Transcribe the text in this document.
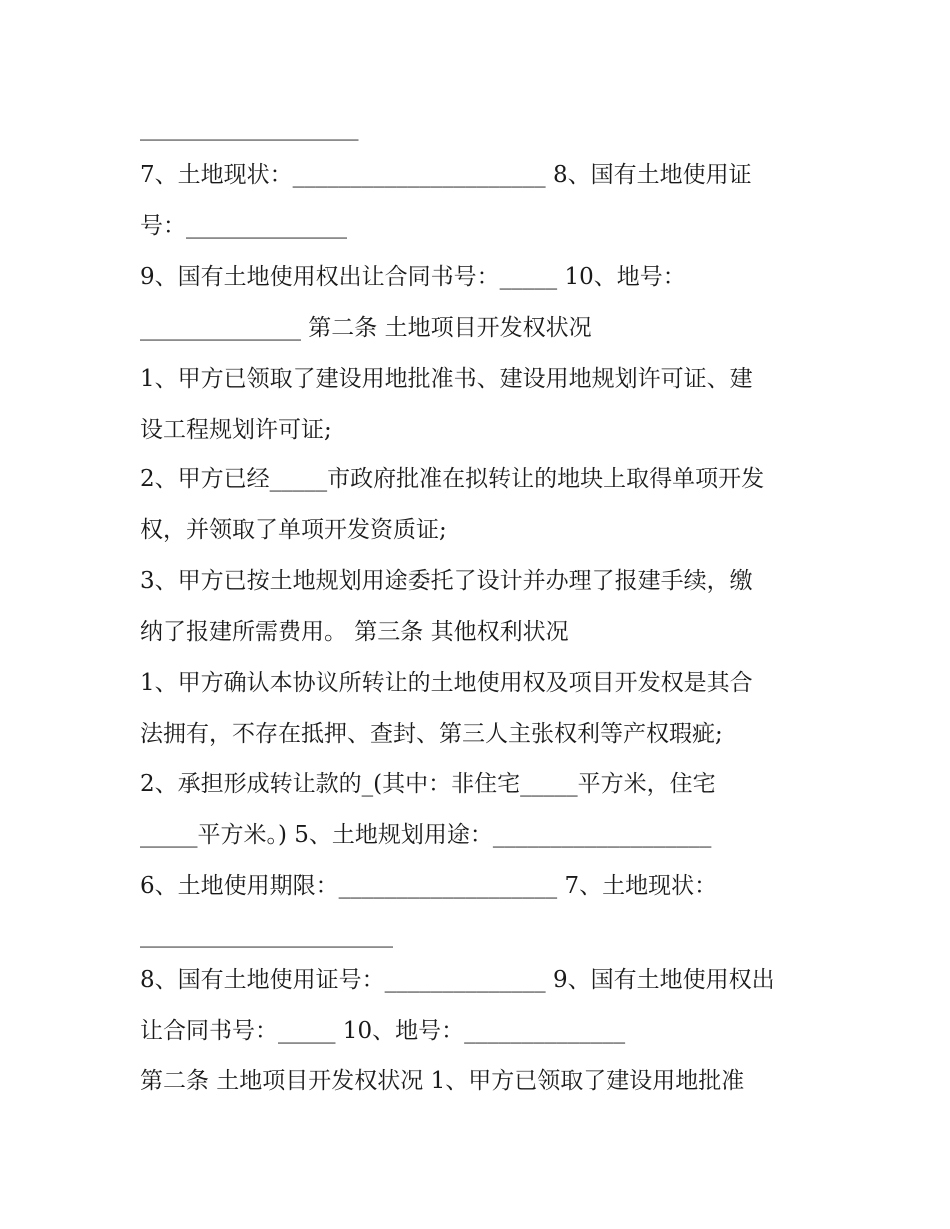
___________________
7、土地现状：______________________ 8、国有土地使用证
号：______________
9、国有土地使用权出让合同书号：_____ 10、地号：
______________ 第二条 土地项目开发权状况
1、甲方已领取了建设用地批准书、建设用地规划许可证、建
设工程规划许可证;
2、甲方已经_____市政府批准在拟转让的地块上取得单项开发
权，并领取了单项开发资质证;
3、甲方已按土地规划用途委托了设计并办理了报建手续，缴
纳了报建所需费用。 第三条 其他权利状况
1、甲方确认本协议所转让的土地使用权及项目开发权是其合
法拥有，不存在抵押、查封、第三人主张权利等产权瑕疵;
2、承担形成转让款的_(其中：非住宅_____平方米，住宅
_____平方米。) 5、土地规划用途：___________________
6、土地使用期限：___________________ 7、土地现状：
______________________
8、国有土地使用证号：______________ 9、国有土地使用权出
让合同书号：_____ 10、地号：______________
第二条 土地项目开发权状况 1、甲方已领取了建设用地批准
